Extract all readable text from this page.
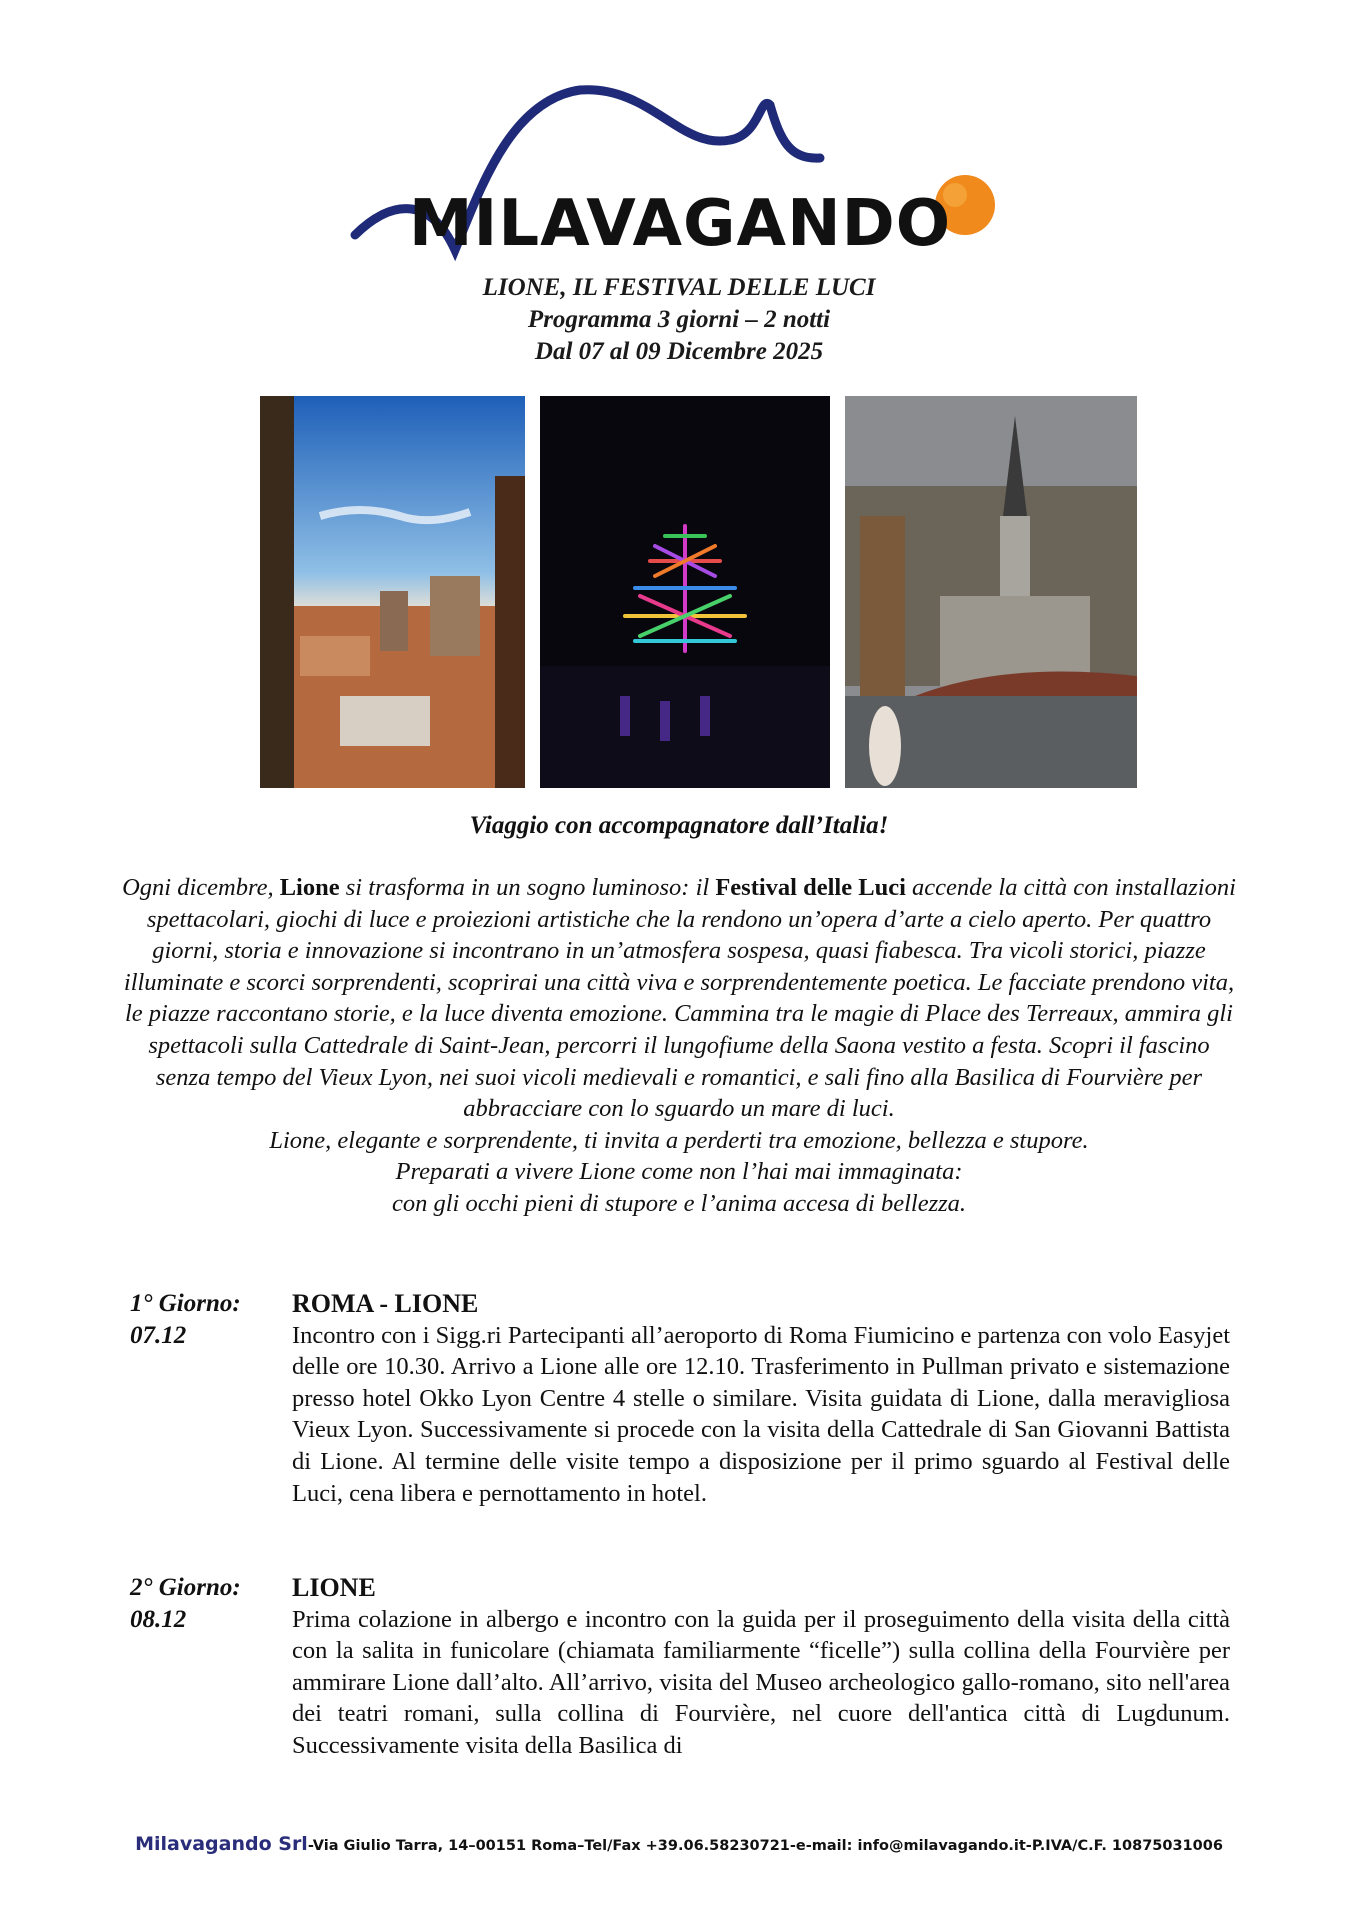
MILAVAGANDO
LIONE, IL FESTIVAL DELLE LUCI
Programma 3 giorni – 2 notti
Dal 07 al 09 Dicembre 2025
Viaggio con accompagnatore dall’Italia!

Ogni dicembre, Lione si trasforma in un sogno luminoso: il Festival delle Luci accende la città con installazioni spettacolari, giochi di luce e proiezioni artistiche che la rendono un’opera d’arte a cielo aperto. Per quattro giorni, storia e innovazione si incontrano in un’atmosfera sospesa, quasi fiabesca. Tra vicoli storici, piazze illuminate e scorci sorprendenti, scoprirai una città viva e sorprendentemente poetica. Le facciate prendono vita, le piazze raccontano storie, e la luce diventa emozione. Cammina tra le magie di Place des Terreaux, ammira gli spettacoli sulla Cattedrale di Saint-Jean, percorri il lungofiume della Saona vestito a festa. Scopri il fascino senza tempo del Vieux Lyon, nei suoi vicoli medievali e romantici, e sali fino alla Basilica di Fourvière per abbracciare con lo sguardo un mare di luci.

Lione, elegante e sorprendente, ti invita a perderti tra emozione, bellezza e stupore.

Preparati a vivere Lione come non l’hai mai immaginata:

con gli occhi pieni di stupore e l’anima accesa di bellezza.

1° Giorno:
07.12
ROMA - LIONE

Incontro con i Sigg.ri Partecipanti all’aeroporto di Roma Fiumicino e partenza con volo Easyjet delle ore 10.30. Arrivo a Lione alle ore 12.10. Trasferimento in Pullman privato e sistemazione presso hotel Okko Lyon Centre 4 stelle o similare. Visita guidata di Lione, dalla meravigliosa Vieux Lyon. Successivamente si procede con la visita della Cattedrale di San Giovanni Battista di Lione. Al termine delle visite tempo a disposizione per il primo sguardo al Festival delle Luci, cena libera e pernottamento in hotel.

2° Giorno:
08.12
LIONE

Prima colazione in albergo e incontro con la guida per il proseguimento della visita della città con la salita in funicolare (chiamata familiarmente “ficelle”) sulla collina della Fourvière per ammirare Lione dall’alto. All’arrivo, visita del Museo archeologico gallo-romano, sito nell'area dei teatri romani, sulla collina di Fourvière, nel cuore dell'antica città di Lugdunum. Successivamente visita della Basilica di

Milavagando Srl-Via Giulio Tarra, 14–00151 Roma–Tel/Fax +39.06.58230721-e-mail: info@milavagando.it-P.IVA/C.F. 10875031006
